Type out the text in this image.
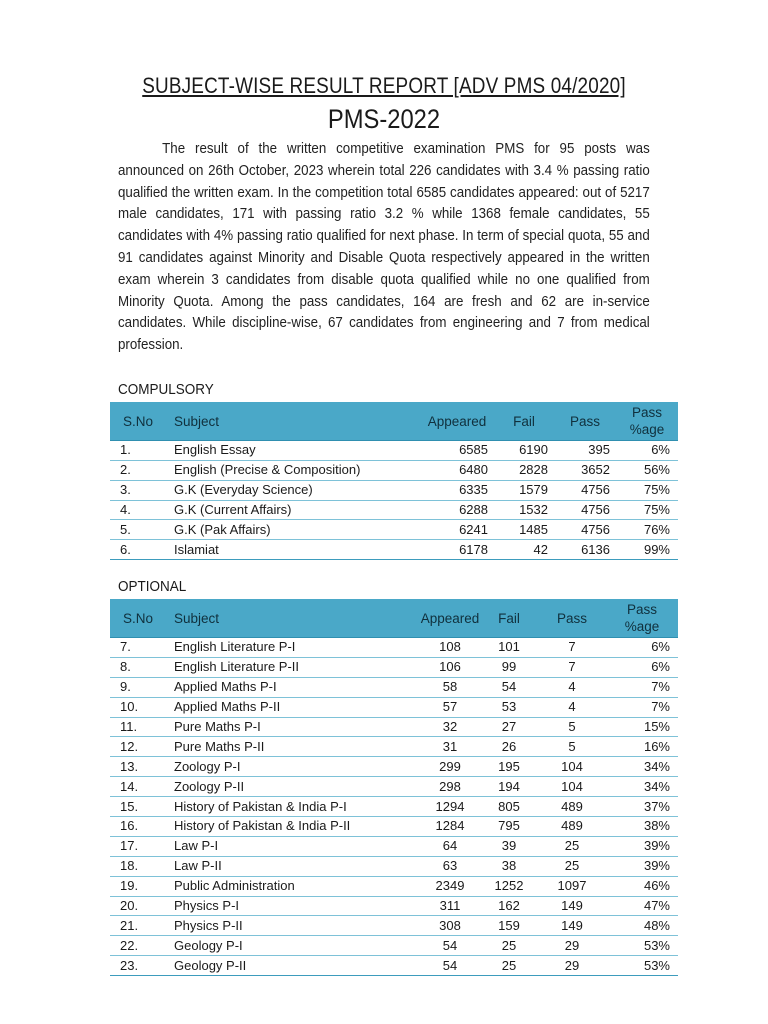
SUBJECT-WISE RESULT REPORT [ADV PMS 04/2020]
PMS-2022

The result of the written competitive examination PMS for 95 posts was announced on 26th October, 2023 wherein total 226 candidates with 3.4 % passing ratio qualified the written exam. In the competition total 6585 candidates appeared: out of 5217 male candidates, 171 with passing ratio 3.2 % while 1368 female candidates, 55 candidates with 4% passing ratio qualified for next phase. In term of special quota, 55 and 91 candidates against Minority and Disable Quota respectively appeared in the written exam wherein 3 candidates from disable quota qualified while no one qualified from Minority Quota. Among the pass candidates, 164 are fresh and 62 are in-service candidates. While discipline-wise, 67 candidates from engineering and 7 from medical profession.

COMPULSORY
S.No	Subject	Appeared	Fail	Pass	Pass
%age
1.	English Essay	6585	6190	395	6%
2.	English (Precise & Composition)	6480	2828	3652	56%
3.	G.K (Everyday Science)	6335	1579	4756	75%
4.	G.K (Current Affairs)	6288	1532	4756	75%
5.	G.K (Pak Affairs)	6241	1485	4756	76%
6.	Islamiat	6178	42	6136	99%
OPTIONAL
S.No	Subject	Appeared	Fail	Pass	Pass
%age
7.	English Literature P-I	108	101	7	6%
8.	English Literature P-II	106	99	7	6%
9.	Applied Maths P-I	58	54	4	7%
10.	Applied Maths P-II	57	53	4	7%
11.	Pure Maths P-I	32	27	5	15%
12.	Pure Maths P-II	31	26	5	16%
13.	Zoology P-I	299	195	104	34%
14.	Zoology P-II	298	194	104	34%
15.	History of Pakistan & India P-I	1294	805	489	37%
16.	History of Pakistan & India P-II	1284	795	489	38%
17.	Law P-I	64	39	25	39%
18.	Law P-II	63	38	25	39%
19.	Public Administration	2349	1252	1097	46%
20.	Physics P-I	311	162	149	47%
21.	Physics P-II	308	159	149	48%
22.	Geology P-I	54	25	29	53%
23.	Geology P-II	54	25	29	53%
